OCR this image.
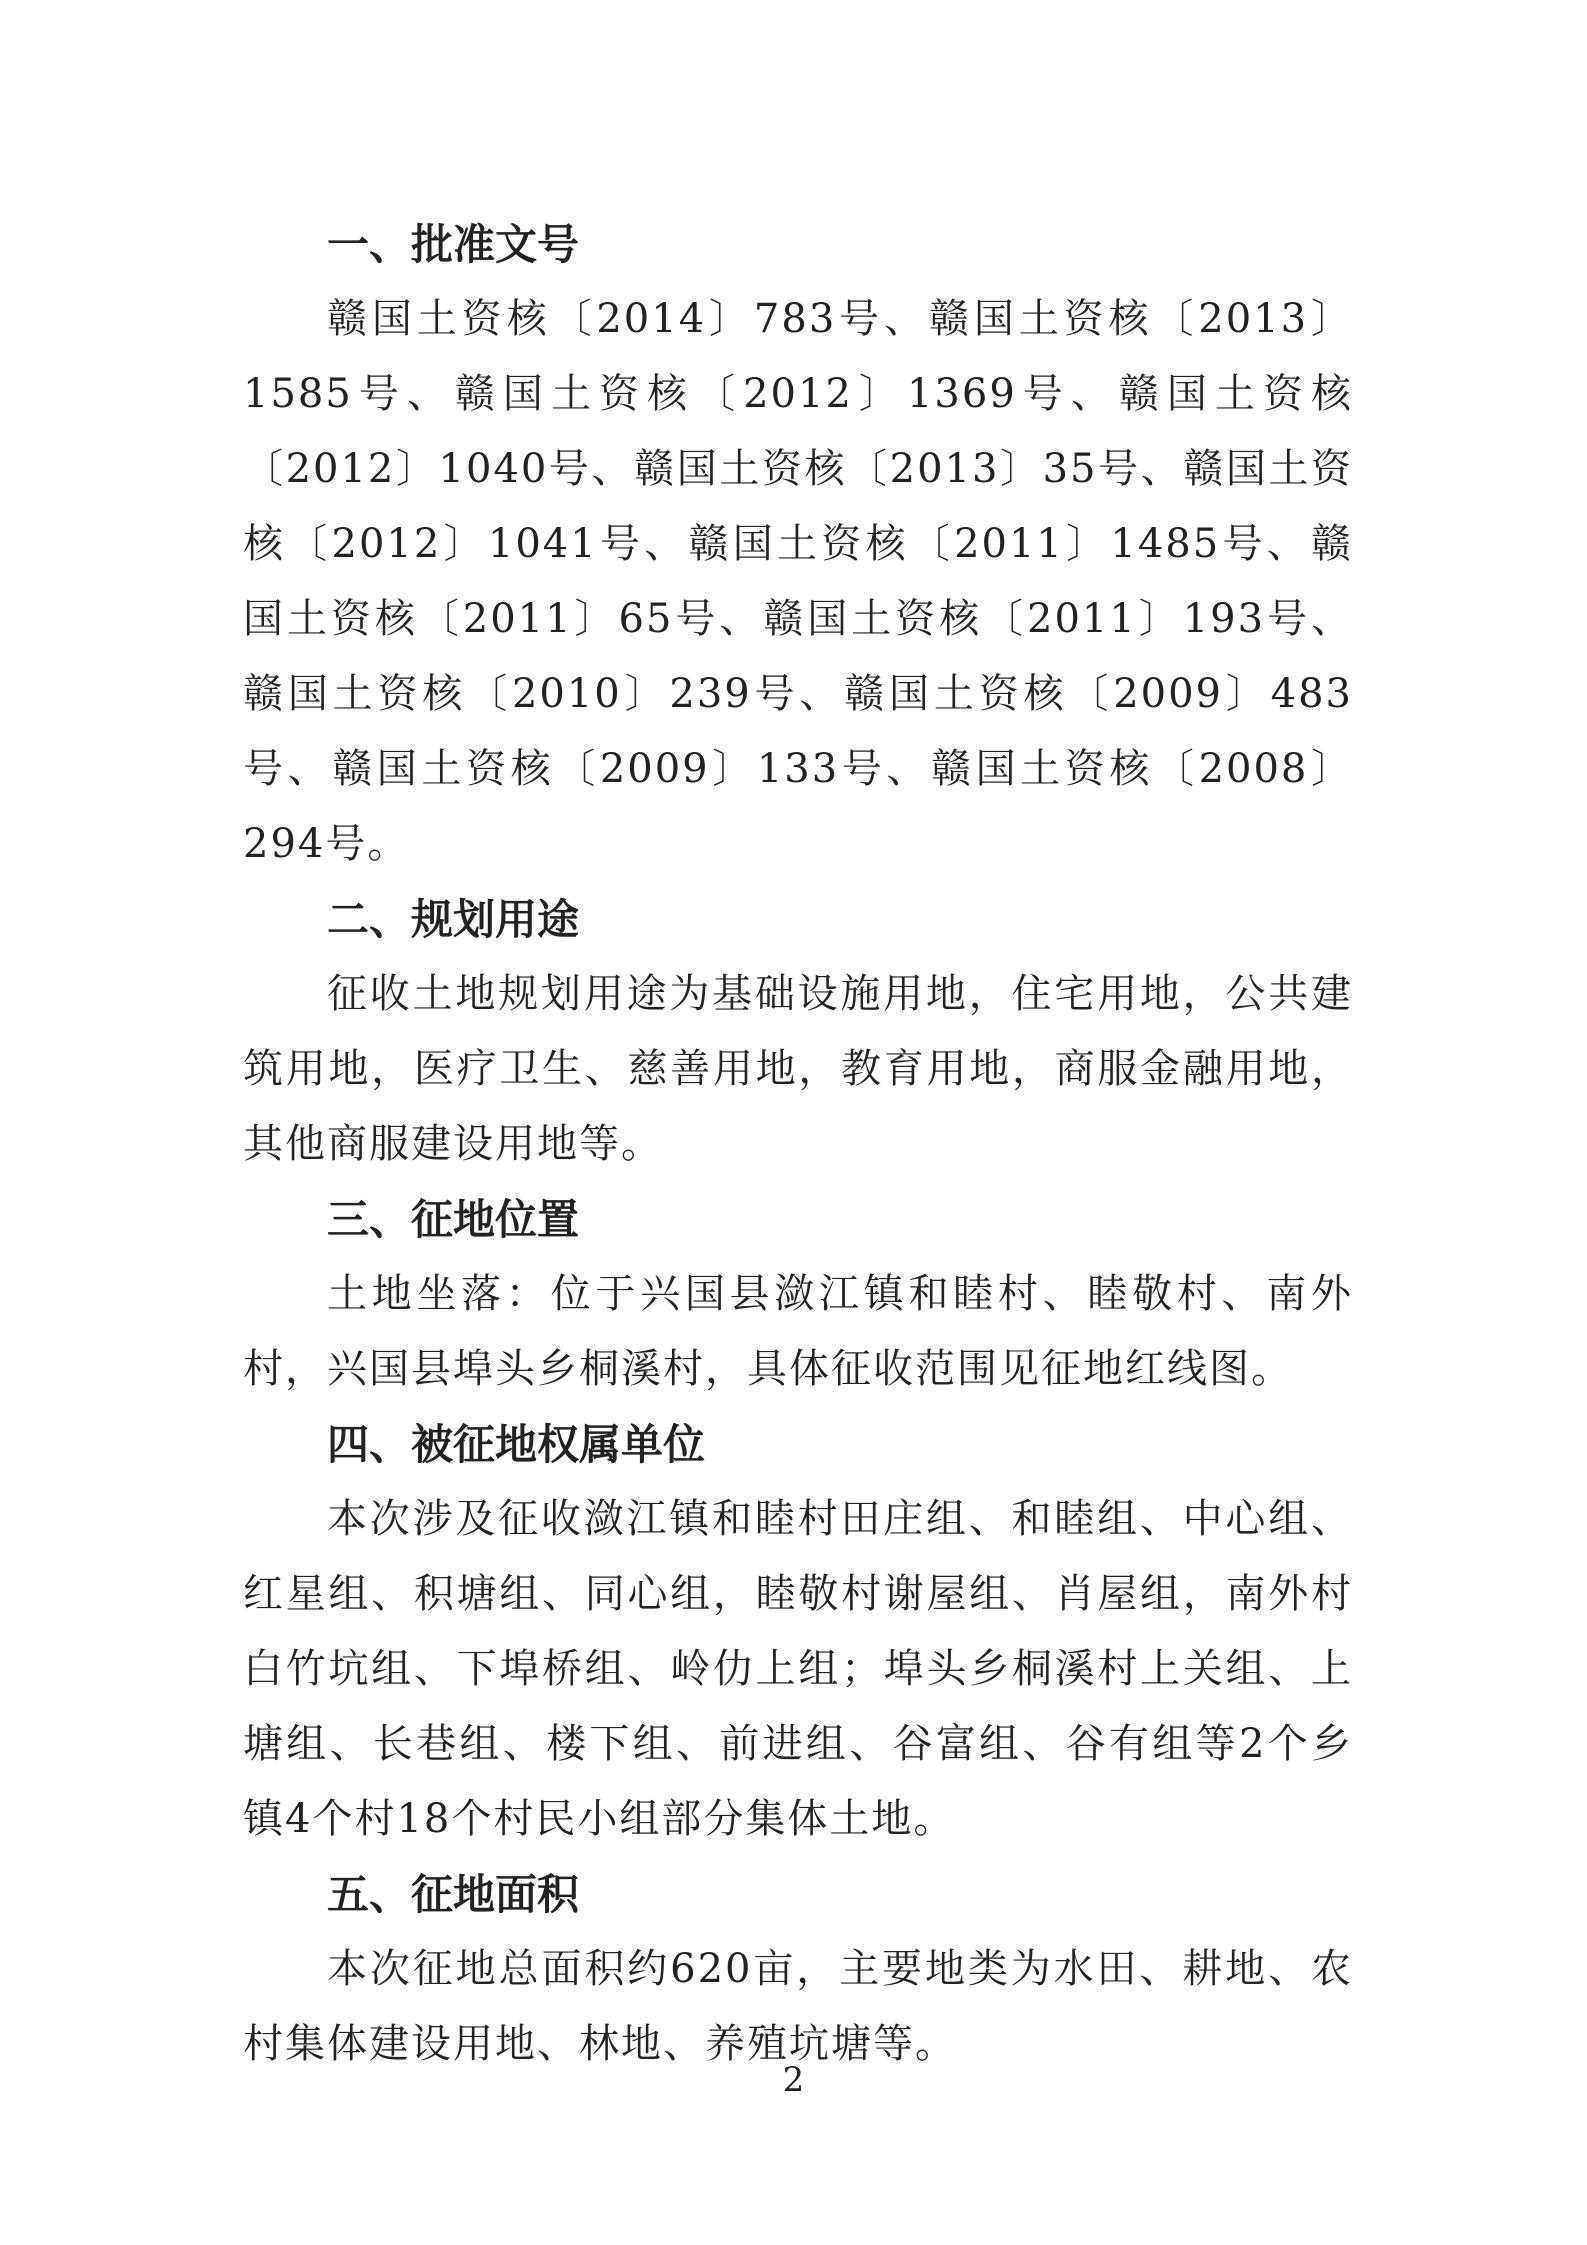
一、批准文号

赣国土资核〔2014〕783号、赣国土资核〔2013〕1585号、赣国土资核〔2012〕1369号、赣国土资核〔2012〕1040号、赣国土资核〔2013〕35号、赣国土资核〔2012〕1041号、赣国土资核〔2011〕1485号、赣国土资核〔2011〕65号、赣国土资核〔2011〕193号、赣国土资核〔2010〕239号、赣国土资核〔2009〕483号、赣国土资核〔2009〕133号、赣国土资核〔2008〕294号。

二、规划用途

征收土地规划用途为基础设施用地，住宅用地，公共建筑用地，医疗卫生、慈善用地，教育用地，商服金融用地，其他商服建设用地等。

三、征地位置

土地坐落：位于兴国县潋江镇和睦村、睦敬村、南外村，兴国县埠头乡桐溪村，具体征收范围见征地红线图。

四、被征地权属单位

本次涉及征收潋江镇和睦村田庄组、和睦组、中心组、红星组、积塘组、同心组，睦敬村谢屋组、肖屋组，南外村白竹坑组、下埠桥组、岭仂上组；埠头乡桐溪村上关组、上塘组、长巷组、楼下组、前进组、谷富组、谷有组等2个乡镇4个村18个村民小组部分集体土地。

五、征地面积

本次征地总面积约620亩，主要地类为水田、耕地、农村集体建设用地、林地、养殖坑塘等。

2
